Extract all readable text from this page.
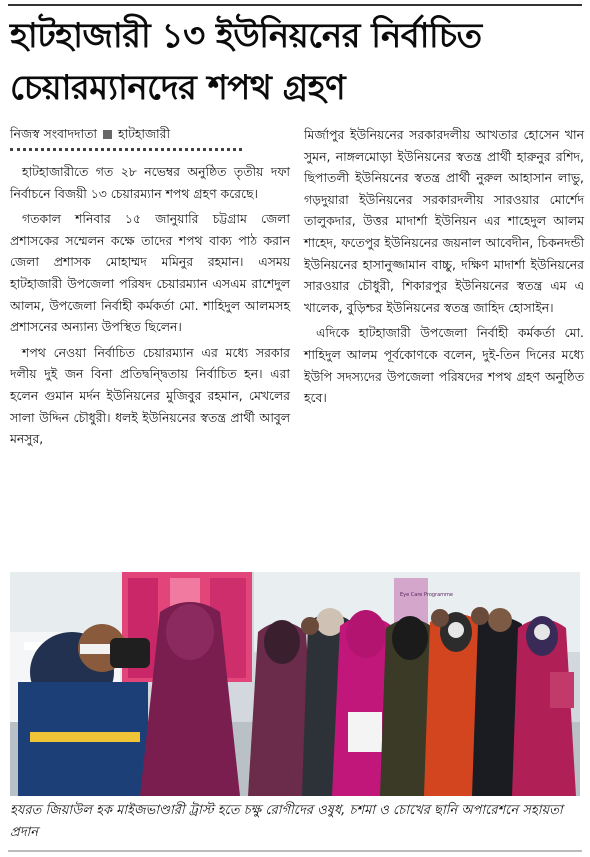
হাটহাজারী ১৩ ইউনিয়নের নির্বাচিত
চেয়ারম্যানদের শপথ গ্রহণ
নিজস্ব সংবাদদাতা হাটহাজারী

হাটহাজারীতে গত ২৮ নভেম্বর অনুষ্ঠিত তৃতীয় দফা নির্বাচনে বিজয়ী ১৩ চেয়ারম্যান শপথ গ্রহণ করেছে।

গতকাল শনিবার ১৫ জানুয়ারি চট্টগ্রাম জেলা প্রশাসকের সম্মেলন কক্ষে তাদের শপথ বাক্য পাঠ করান জেলা প্রশাসক মোহাম্মদ মমিনুর রহমান। এসময় হাটহাজারী উপজেলা পরিষদ চেয়ারম্যান এসএম রাশেদুল আলম, উপজেলা নির্বাহী কর্মকর্তা মো. শাহিদুল আলমসহ প্রশাসনের অন্যান্য উপস্থিত ছিলেন।

শপথ নেওয়া নির্বাচিত চেয়ারম্যান এর মধ্যে সরকার দলীয় দুই জন বিনা প্রতিদ্বন্দ্বিতায় নির্বাচিত হন। এরা হলেন গুমান মর্দন ইউনিয়নের মুজিবুর রহমান, মেখলের সালা উদ্দিন চৌধুরী। ধলই ইউনিয়নের স্বতন্ত্র প্রার্থী আবুল মনসুর,

মির্জাপুর ইউনিয়নের সরকারদলীয় আখতার হোসেন খান সুমন, নাঙ্গলমোড়া ইউনিয়নের স্বতন্ত্র প্রার্থী হারুনুর রশিদ, ছিপাতলী ইউনিয়নের স্বতন্ত্র প্রার্থী নুরুল আহাসান লাভু, গড়দুয়ারা ইউনিয়নের সরকারদলীয় সারওয়ার মোর্শেদ তালুকদার, উত্তর মাদার্শা ইউনিয়ন এর শাহেদুল আলম শাহেদ, ফতেপুর ইউনিয়নের জয়নাল আবেদীন, চিকনদন্ডী ইউনিয়নের হাসানুজ্জামান বাচ্চু, দক্ষিণ মাদার্শা ইউনিয়নের সারওয়ার চৌধুরী, শিকারপুর ইউনিয়নের স্বতন্ত্র এম এ খালেক, বুড়িশ্চর ইউনিয়নের স্বতন্ত্র জাহিদ হোসাইন।

এদিকে হাটহাজারী উপজেলা নির্বাহী কর্মকর্তা মো. শাহিদুল আলম পূর্বকোণকে বলেন, দুই-তিন দিনের মধ্যে ইউপি সদস্যদের উপজেলা পরিষদের শপথ গ্রহণ অনুষ্ঠিত হবে।

Eye Care Programme
হযরত জিয়াউল হক মাইজভাণ্ডারী ট্রাস্ট হতে চক্ষু রোগীদের ওষুধ, চশমা ও চোখের ছানি অপারেশনে সহায়তা প্রদান
